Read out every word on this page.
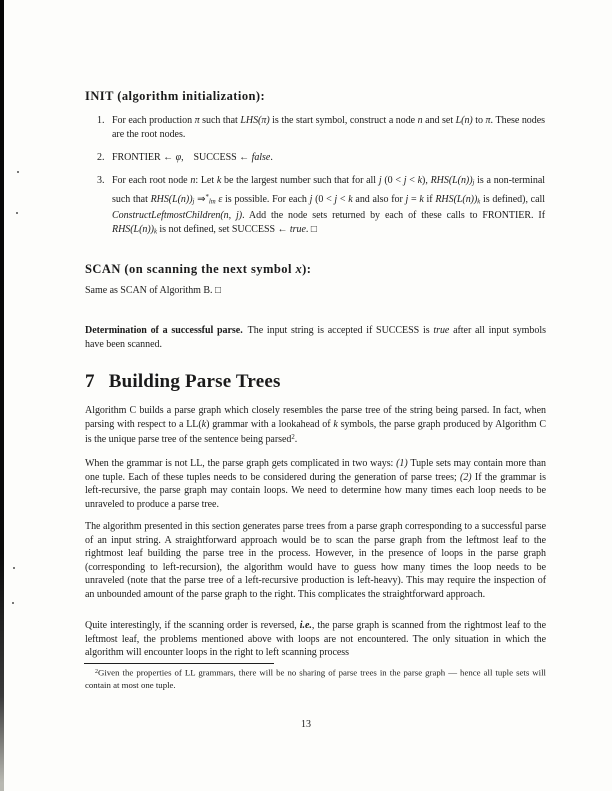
INIT (algorithm initialization):
1. For each production π such that LHS(π) is the start symbol, construct a node n and set L(n) to π. These nodes are the root nodes.
2. FRONTIER ← φ, SUCCESS ← false.
3. For each root node n: Let k be the largest number such that for all j (0 < j < k), RHS(L(n))j is a non-terminal such that RHS(L(n))j ⇒*lm ε is possible. For each j (0 < j < k and also for j = k if RHS(L(n))k is defined), call ConstructLeftmostChildren(n, j). Add the node sets returned by each of these calls to FRONTIER. If RHS(L(n))k is not defined, set SUCCESS ← true. □
SCAN (on scanning the next symbol x):
Same as SCAN of Algorithm B. □
Determination of a successful parse. The input string is accepted if SUCCESS is true after all input symbols have been scanned.
7 Building Parse Trees
Algorithm C builds a parse graph which closely resembles the parse tree of the string being parsed. In fact, when parsing with respect to a LL(k) grammar with a lookahead of k symbols, the parse graph produced by Algorithm C is the unique parse tree of the sentence being parsed$^2$.
When the grammar is not LL, the parse graph gets complicated in two ways: (1) Tuple sets may contain more than one tuple. Each of these tuples needs to be considered during the generation of parse trees; (2) If the grammar is left-recursive, the parse graph may contain loops. We need to determine how many times each loop needs to be unraveled to produce a parse tree.
The algorithm presented in this section generates parse trees from a parse graph corresponding to a successful parse of an input string. A straightforward approach would be to scan the parse graph from the leftmost leaf to the rightmost leaf building the parse tree in the process. However, in the presence of loops in the parse graph (corresponding to left-recursion), the algorithm would have to guess how many times the loop needs to be unraveled (note that the parse tree of a left-recursive production is left-heavy). This may require the inspection of an unbounded amount of the parse graph to the right. This complicates the straightforward approach.
Quite interestingly, if the scanning order is reversed, i.e., the parse graph is scanned from the rightmost leaf to the leftmost leaf, the problems mentioned above with loops are not encountered. The only situation in which the algorithm will encounter loops in the right to left scanning process
$^2$Given the properties of LL grammars, there will be no sharing of parse trees in the parse graph — hence all tuple sets will contain at most one tuple.
13
